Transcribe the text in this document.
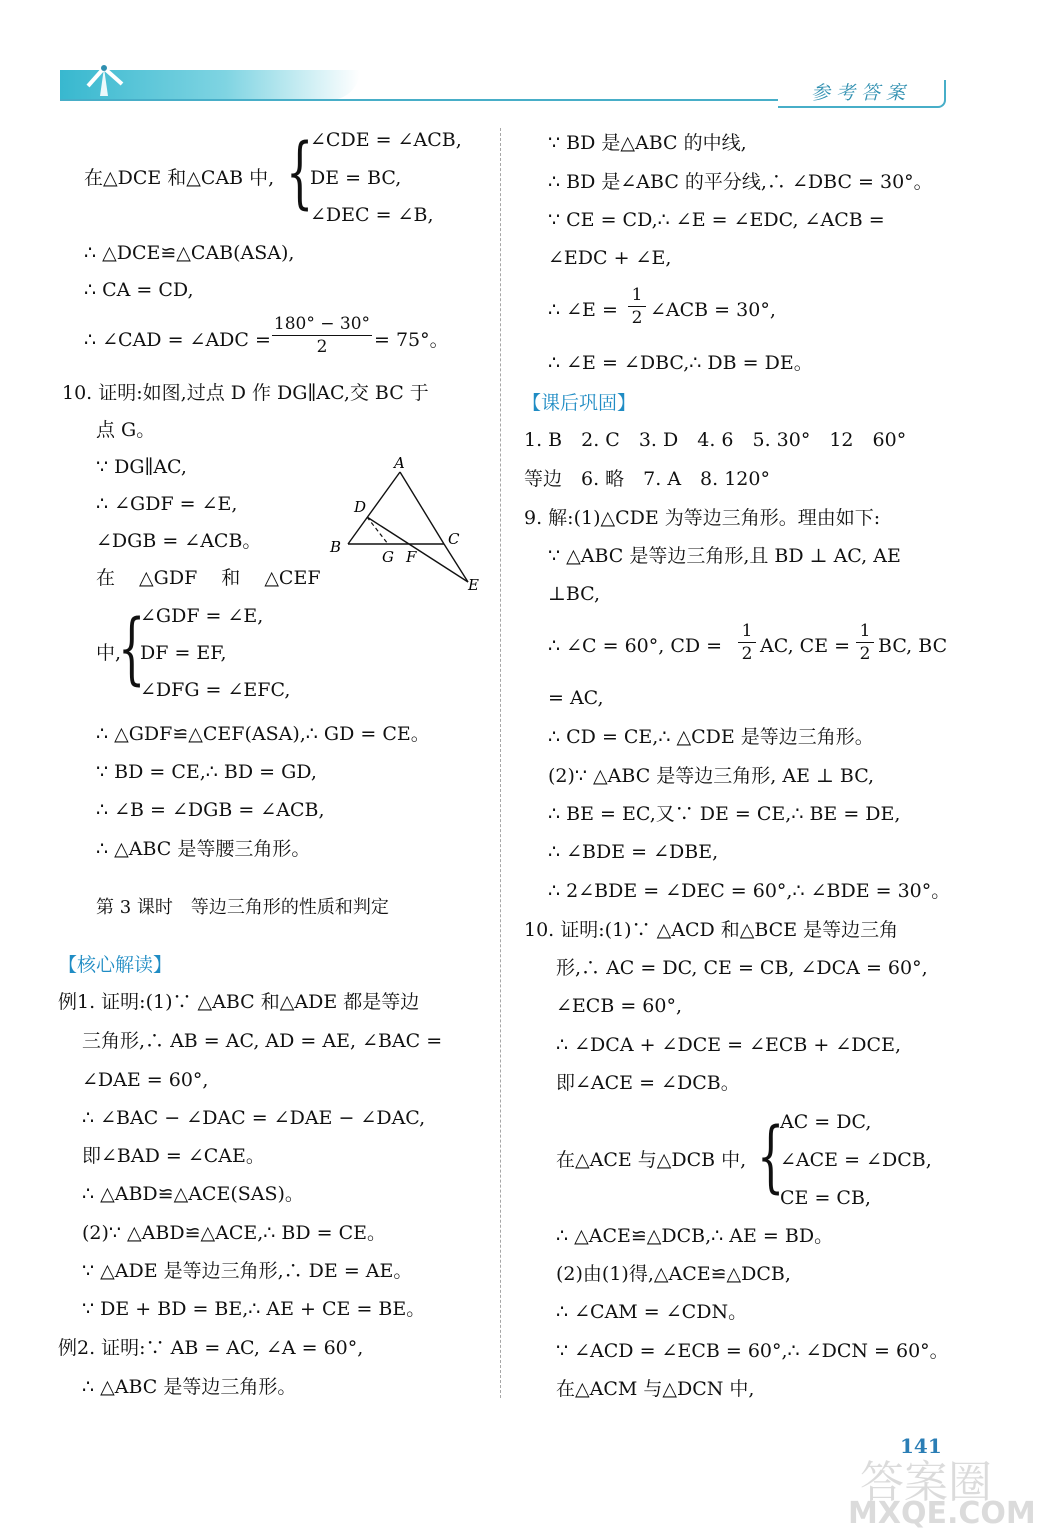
参考答案
∠CDE = ∠ACB,
在△DCE 和△CAB 中, {
DE = BC,
∠DEC = ∠B,
∴ △DCE≌△CAB(ASA),
∴ CA = CD,
∴ ∠CAD = ∠ADC =
180° − 30°
2	= 75°。
10. 证明:如图,过点 D 作 DG∥AC,交 BC 于
点 G。
∵ DG∥AC,
∴ ∠GDF = ∠E,
∠DGB = ∠ACB。
在 △GDF 和 △CEF
∠GDF = ∠E,
中,
{
DF = EF,
∠DFG = ∠EFC,
∴ △GDF≌△CEF(ASA),∴ GD = CE。
∵ BD = CE,∴ BD = GD,
∴ ∠B = ∠DGB = ∠ACB,
∴ △ABC 是等腰三角形。
A
B	C
D
E
F
G
第 3 课时　等边三角形的性质和判定
【核心解读】
例1. 证明:(1)∵ △ABC 和△ADE 都是等边
三角形,∴ AB = AC, AD = AE, ∠BAC =
∠DAE = 60°,
∴ ∠BAC − ∠DAC = ∠DAE − ∠DAC,
即∠BAD = ∠CAE。
∴ △ABD≌△ACE(SAS)。
(2)∵ △ABD≌△ACE,∴ BD = CE。
∵ △ADE 是等边三角形,∴ DE = AE。
∵ DE + BD = BE,∴ AE + CE = BE。
例2. 证明:∵ AB = AC, ∠A = 60°,
∴ △ABC 是等边三角形。
∵ BD 是△ABC 的中线,
∴ BD 是∠ABC 的平分线,∴ ∠DBC = 30°。
∵ CE = CD,∴ ∠E = ∠EDC, ∠ACB =
∠EDC + ∠E,
∴ ∠E =
1
2 ∠ACB = 30°,
∴ ∠E = ∠DBC,∴ DB = DE。
【课后巩固】
1. B　2. C　3. D　4. 6　5. 30°　12　60°
等边　6. 略　7. A　8. 120°
9. 解:(1)△CDE 为等边三角形。理由如下:
∵ △ABC 是等边三角形,且 BD ⊥ AC, AE
⊥BC,
∴ ∠C = 60°, CD =
1
2 AC, CE =
1
2 BC, BC
= AC,
∴ CD = CE,∴ △CDE 是等边三角形。
(2)∵ △ABC 是等边三角形, AE ⊥ BC,
∴ BE = EC,又∵ DE = CE,∴ BE = DE,
∴ ∠BDE = ∠DBE,
∴ 2∠BDE = ∠DEC = 60°,∴ ∠BDE = 30°。
10. 证明:(1)∵ △ACD 和△BCE 是等边三角
形,∴ AC = DC, CE = CB, ∠DCA = 60°,
∠ECB = 60°,
∴ ∠DCA + ∠DCE = ∠ECB + ∠DCE,
即∠ACE = ∠DCB。
AC = DC,
在△ACE 与△DCB 中, {
∠ACE = ∠DCB,
CE = CB,
∴ △ACE≌△DCB,∴ AE = BD。
(2)由(1)得,△ACE≌△DCB,
∴ ∠CAM = ∠CDN。
∵ ∠ACD = ∠ECB = 60°,∴ ∠DCN = 60°。
在△ACM 与△DCN 中,
141
答案圈
MXQE.COM
